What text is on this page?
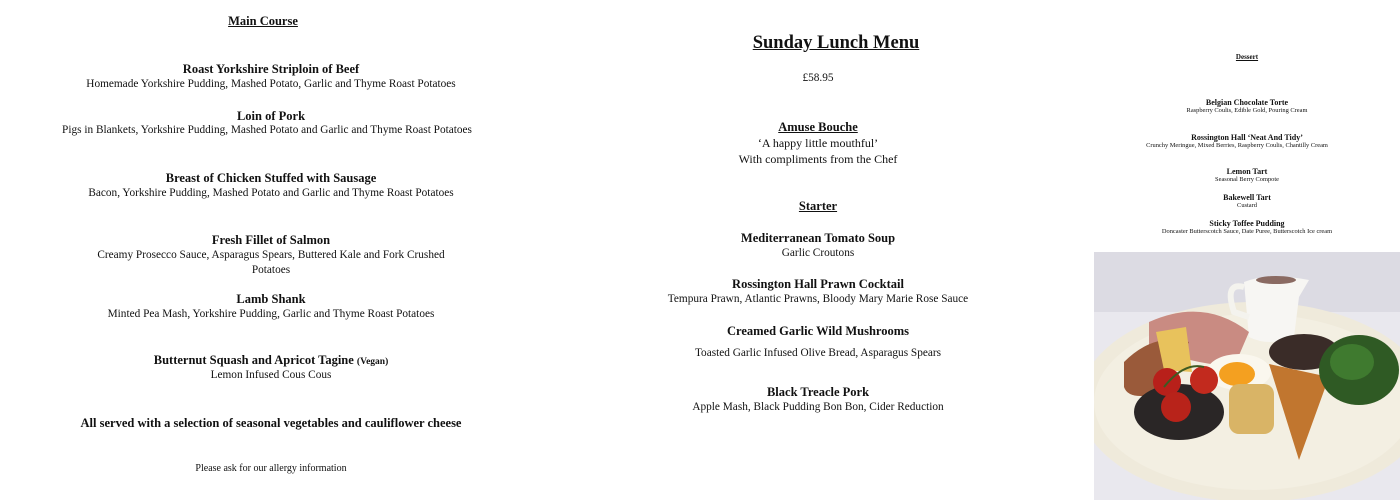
Main Course
Roast Yorkshire Striploin of Beef
Homemade Yorkshire Pudding, Mashed Potato, Garlic and Thyme Roast Potatoes
Loin of Pork
Pigs in Blankets, Yorkshire Pudding, Mashed Potato and Garlic and Thyme Roast Potatoes
Breast of Chicken Stuffed with Sausage
Bacon, Yorkshire Pudding, Mashed Potato and Garlic and Thyme Roast Potatoes
Fresh Fillet of Salmon
Creamy Prosecco Sauce, Asparagus Spears, Buttered Kale and Fork Crushed
Potatoes
Lamb Shank
Minted Pea Mash, Yorkshire Pudding, Garlic and Thyme Roast Potatoes
Butternut Squash and Apricot Tagine (Vegan)
Lemon Infused Cous Cous
All served with a selection of seasonal vegetables and cauliflower cheese
Please ask for our allergy information
Sunday Lunch Menu
£58.95
Amuse Bouche
‘A happy little mouthful’
With compliments from the Chef
Starter
Mediterranean Tomato Soup
Garlic Croutons
Rossington Hall Prawn Cocktail
Tempura Prawn, Atlantic Prawns, Bloody Mary Marie Rose Sauce
Creamed Garlic Wild Mushrooms
Toasted Garlic Infused Olive Bread, Asparagus Spears
Black Treacle Pork
Apple Mash, Black Pudding Bon Bon, Cider Reduction
Dessert
Belgian Chocolate Torte
Raspberry Coulis, Edible Gold, Pouring Cream
Rossington Hall ‘Neat And Tidy’
Crunchy Meringue, Mixed Berries, Raspberry Coulis, Chantilly Cream
Lemon Tart
Seasonal Berry Compote
Bakewell Tart
Custard
Sticky Toffee Pudding
Doncaster Butterscotch Sauce, Date Puree, Butterscotch Ice cream
